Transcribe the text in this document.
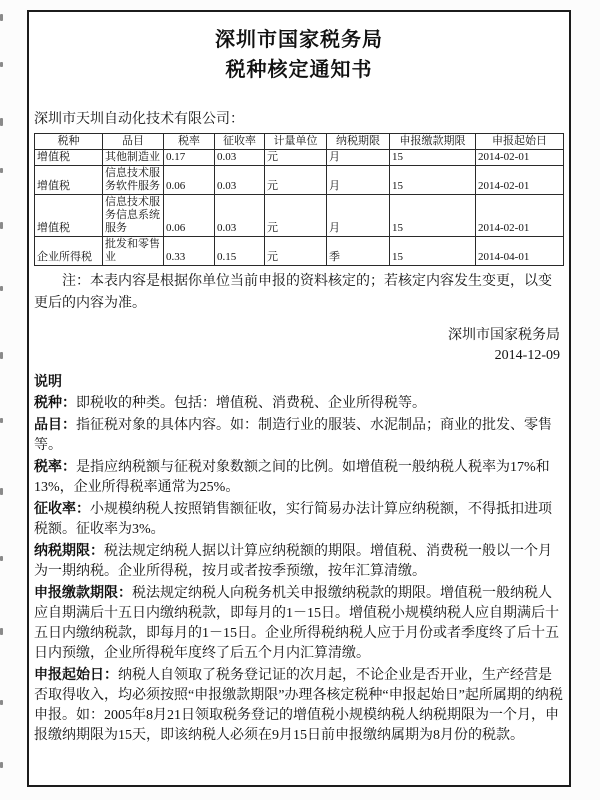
深圳市国家税务局
税种核定通知书
深圳市天圳自动化技术有限公司：
税种	品目	税率	征收率	计量单位	纳税期限	申报缴款期限	申报起始日
增值税	其他制造业	0.17	0.03	元	月	15	2014-02-01
增值税	信息技术服务软件服务	0.06	0.03	元	月	15	2014-02-01
增值税	信息技术服务信息系统服务	0.06	0.03	元	月	15	2014-02-01
企业所得税	批发和零售业	0.33	0.15	元	季	15	2014-04-01

注：本表内容是根据你单位当前申报的资料核定的；若核定内容发生变更，以变更后的内容为准。

深圳市国家税务局
2014-12-09
说明

税种：即税收的种类。包括：增值税、消费税、企业所得税等。

品目：指征税对象的具体内容。如：制造行业的服装、水泥制品；商业的批发、零售等。

税率：是指应纳税额与征税对象数额之间的比例。如增值税一般纳税人税率为17%和13%，企业所得税率通常为25%。

征收率：小规模纳税人按照销售额征收，实行简易办法计算应纳税额，不得抵扣进项税额。征收率为3%。

纳税期限：税法规定纳税人据以计算应纳税额的期限。增值税、消费税一般以一个月为一期纳税。企业所得税，按月或者按季预缴，按年汇算清缴。

申报缴款期限：税法规定纳税人向税务机关申报缴纳税款的期限。增值税一般纳税人应自期满后十五日内缴纳税款，即每月的1－15日。增值税小规模纳税人应自期满后十五日内缴纳税款，即每月的1－15日。企业所得税纳税人应于月份或者季度终了后十五日内预缴，企业所得税年度终了后五个月内汇算清缴。

申报起始日：纳税人自领取了税务登记证的次月起，不论企业是否开业，生产经营是否取得收入，均必须按照“申报缴款期限”办理各核定税种“申报起始日”起所属期的纳税申报。如：2005年8月21日领取税务登记的增值税小规模纳税人纳税期限为一个月，申报缴纳期限为15天，即该纳税人必须在9月15日前申报缴纳属期为8月份的税款。
